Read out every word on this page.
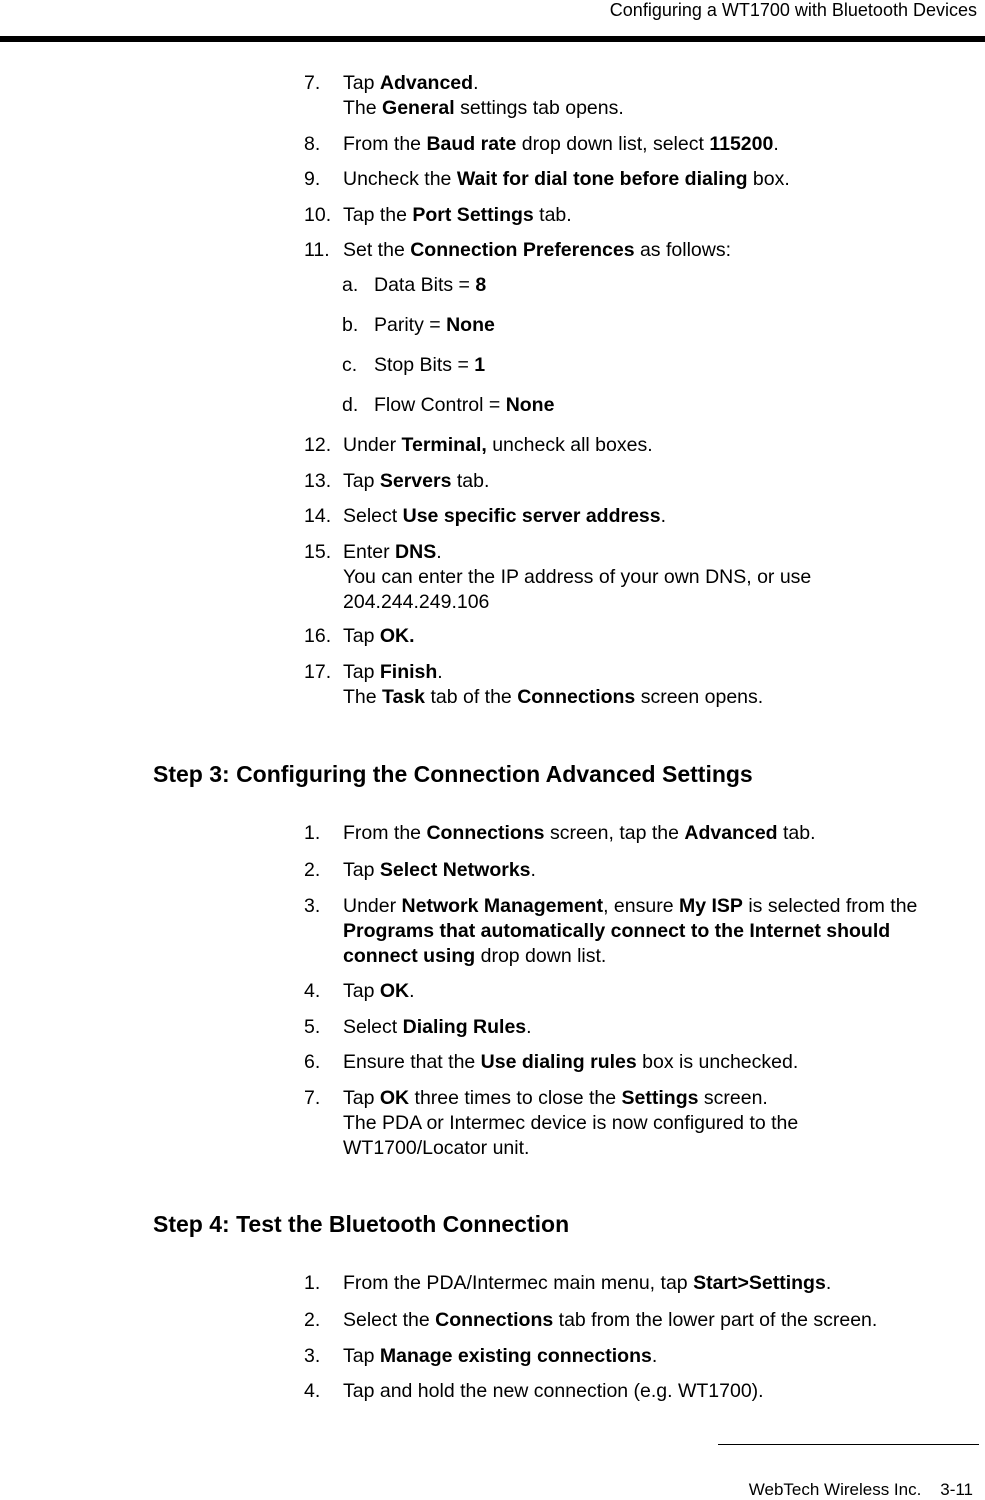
Configuring a WT1700 with Bluetooth Devices
7. Tap Advanced.
The General settings tab opens.
8. From the Baud rate drop down list, select 115200.
9. Uncheck the Wait for dial tone before dialing box.
10. Tap the Port Settings tab.
11. Set the Connection Preferences as follows:
a. Data Bits = 8
b. Parity = None
c. Stop Bits = 1
d. Flow Control = None
12. Under Terminal, uncheck all boxes.
13. Tap Servers tab.
14. Select Use specific server address.
15. Enter DNS.
You can enter the IP address of your own DNS, or use
204.244.249.106
16. Tap OK.
17. Tap Finish.
The Task tab of the Connections screen opens.
Step 3: Configuring the Connection Advanced Settings
1. From the Connections screen, tap the Advanced tab.
2. Tap Select Networks.
3. Under Network Management, ensure My ISP is selected from the
Programs that automatically connect to the Internet should
connect using drop down list.
4. Tap OK.
5. Select Dialing Rules.
6. Ensure that the Use dialing rules box is unchecked.
7. Tap OK three times to close the Settings screen.
The PDA or Intermec device is now configured to the
WT1700/Locator unit.
Step 4: Test the Bluetooth Connection
1. From the PDA/Intermec main menu, tap Start>Settings.
2. Select the Connections tab from the lower part of the screen.
3. Tap Manage existing connections.
4. Tap and hold the new connection (e.g. WT1700).
WebTech Wireless Inc. 3-11
